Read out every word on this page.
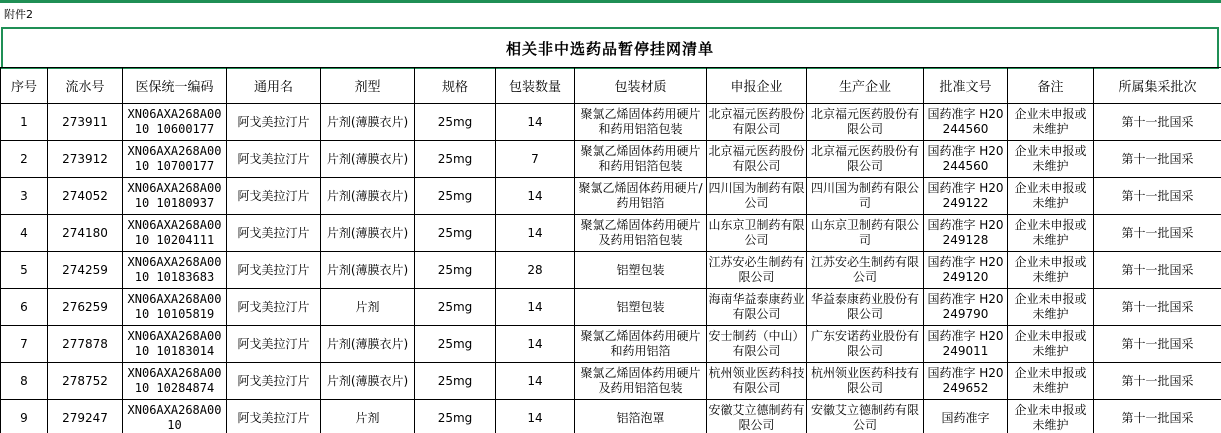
附件2
相关非中选药品暂停挂网清单
序号	流水号	医保统一编码	通用名	剂型	规格	包装数量	包装材质	申报企业	生产企业	批准文号	备注	所属集采批次
1	273911	XN06AXA268A0010 10600177	阿戈美拉汀片	片剂(薄膜衣片)	25mg	14	聚氯乙烯固体药用硬片和药用铝箔包装	北京福元医药股份有限公司	北京福元医药股份有限公司	国药准字 H20244560	企业未申报或未维护	第十一批国采
2	273912	XN06AXA268A0010 10700177	阿戈美拉汀片	片剂(薄膜衣片)	25mg	7	聚氯乙烯固体药用硬片和药用铝箔包装	北京福元医药股份有限公司	北京福元医药股份有限公司	国药准字 H20244560	企业未申报或未维护	第十一批国采
3	274052	XN06AXA268A0010 10180937	阿戈美拉汀片	片剂(薄膜衣片)	25mg	14	聚氯乙烯固体药用硬片/药用铝箔	四川国为制药有限公司	四川国为制药有限公司	国药准字 H20249122	企业未申报或未维护	第十一批国采
4	274180	XN06AXA268A0010 10204111	阿戈美拉汀片	片剂(薄膜衣片)	25mg	14	聚氯乙烯固体药用硬片及药用铝箔包装	山东京卫制药有限公司	山东京卫制药有限公司	国药准字 H20249128	企业未申报或未维护	第十一批国采
5	274259	XN06AXA268A0010 10183683	阿戈美拉汀片	片剂(薄膜衣片)	25mg	28	铝塑包装	江苏安必生制药有限公司	江苏安必生制药有限公司	国药准字 H20249120	企业未申报或未维护	第十一批国采
6	276259	XN06AXA268A0010 10105819	阿戈美拉汀片	片剂	25mg	14	铝塑包装	海南华益泰康药业有限公司	华益泰康药业股份有限公司	国药准字 H20249790	企业未申报或未维护	第十一批国采
7	277878	XN06AXA268A0010 10183014	阿戈美拉汀片	片剂(薄膜衣片)	25mg	14	聚氯乙烯固体药用硬片和药用铝箔	安士制药（中山）有限公司	广东安诺药业股份有限公司	国药准字 H20249011	企业未申报或未维护	第十一批国采
8	278752	XN06AXA268A0010 10284874	阿戈美拉汀片	片剂(薄膜衣片)	25mg	14	聚氯乙烯固体药用硬片及药用铝箔包装	杭州领业医药科技有限公司	杭州领业医药科技有限公司	国药准字 H20249652	企业未申报或未维护	第十一批国采
9	279247	XN06AXA268A0010	阿戈美拉汀片	片剂	25mg	14	铝箔泡罩	安徽艾立德制药有限公司	安徽艾立德制药有限公司	国药准字	企业未申报或未维护	第十一批国采
